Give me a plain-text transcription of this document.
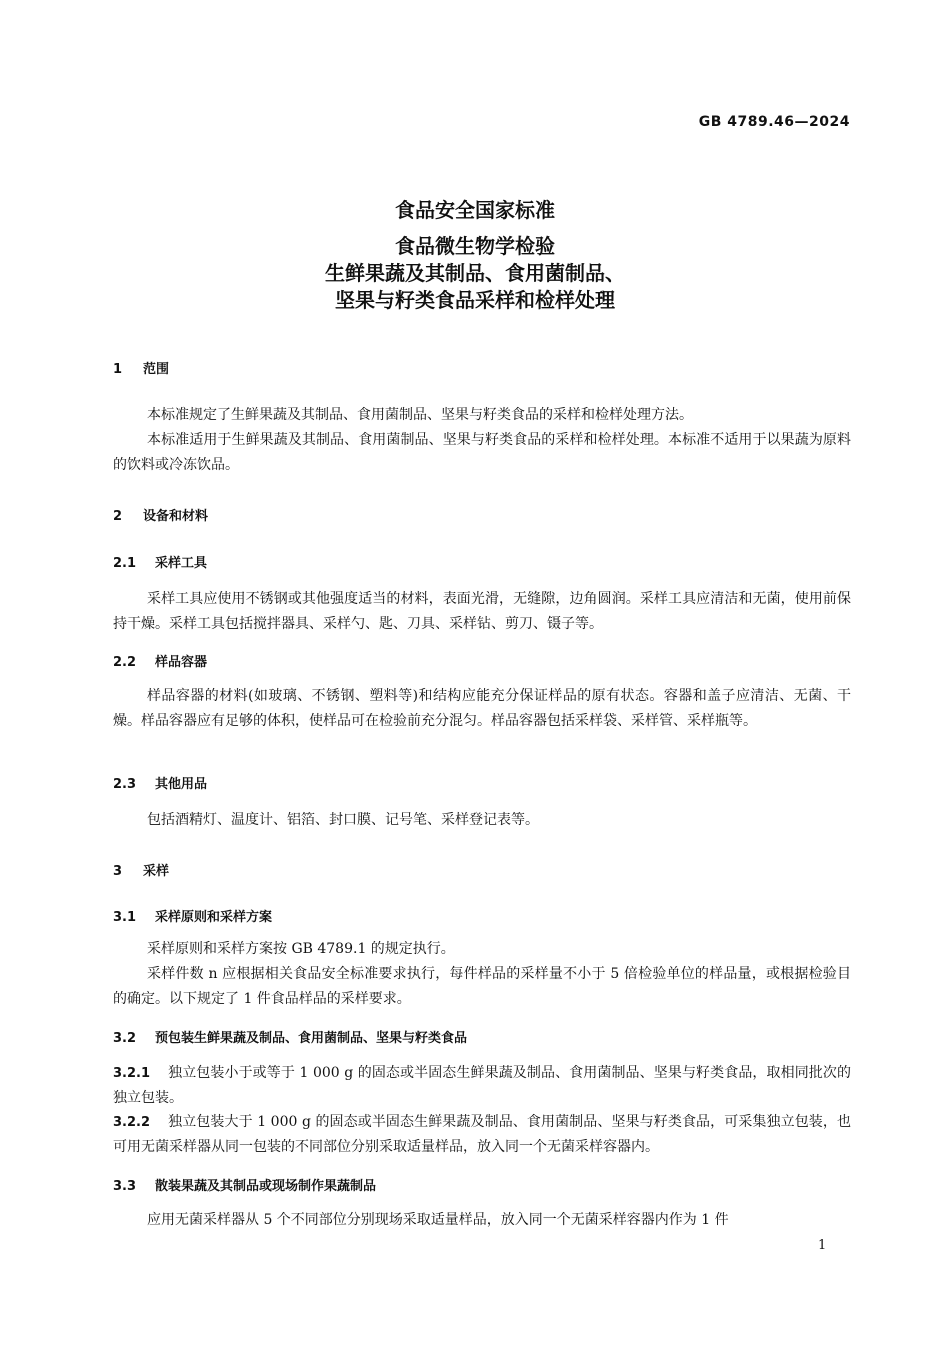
GB 4789.46—2024
食品安全国家标准
食品微生物学检验
生鲜果蔬及其制品、食用菌制品、
坚果与籽类食品采样和检样处理
1 范围
本标准规定了生鲜果蔬及其制品、食用菌制品、坚果与籽类食品的采样和检样处理方法。
本标准适用于生鲜果蔬及其制品、食用菌制品、坚果与籽类食品的采样和检样处理。本标准不适用于以果蔬为原料的饮料或冷冻饮品。
2 设备和材料
2.1 采样工具
采样工具应使用不锈钢或其他强度适当的材料，表面光滑，无缝隙，边角圆润。采样工具应清洁和无菌，使用前保持干燥。采样工具包括搅拌器具、采样勺、匙、刀具、采样钻、剪刀、镊子等。
2.2 样品容器
样品容器的材料(如玻璃、不锈钢、塑料等)和结构应能充分保证样品的原有状态。容器和盖子应清洁、无菌、干燥。样品容器应有足够的体积，使样品可在检验前充分混匀。样品容器包括采样袋、采样管、采样瓶等。
2.3 其他用品
包括酒精灯、温度计、铝箔、封口膜、记号笔、采样登记表等。
3 采样
3.1 采样原则和采样方案
采样原则和采样方案按 GB 4789.1 的规定执行。
采样件数 n 应根据相关食品安全标准要求执行，每件样品的采样量不小于 5 倍检验单位的样品量，或根据检验目的确定。以下规定了 1 件食品样品的采样要求。
3.2 预包装生鲜果蔬及制品、食用菌制品、坚果与籽类食品
3.2.1 独立包装小于或等于 1 000 g 的固态或半固态生鲜果蔬及制品、食用菌制品、坚果与籽类食品，取相同批次的独立包装。
3.2.2 独立包装大于 1 000 g 的固态或半固态生鲜果蔬及制品、食用菌制品、坚果与籽类食品，可采集独立包装，也可用无菌采样器从同一包装的不同部位分别采取适量样品，放入同一个无菌采样容器内。
3.3 散装果蔬及其制品或现场制作果蔬制品
应用无菌采样器从 5 个不同部位分别现场采取适量样品，放入同一个无菌采样容器内作为 1 件
1
